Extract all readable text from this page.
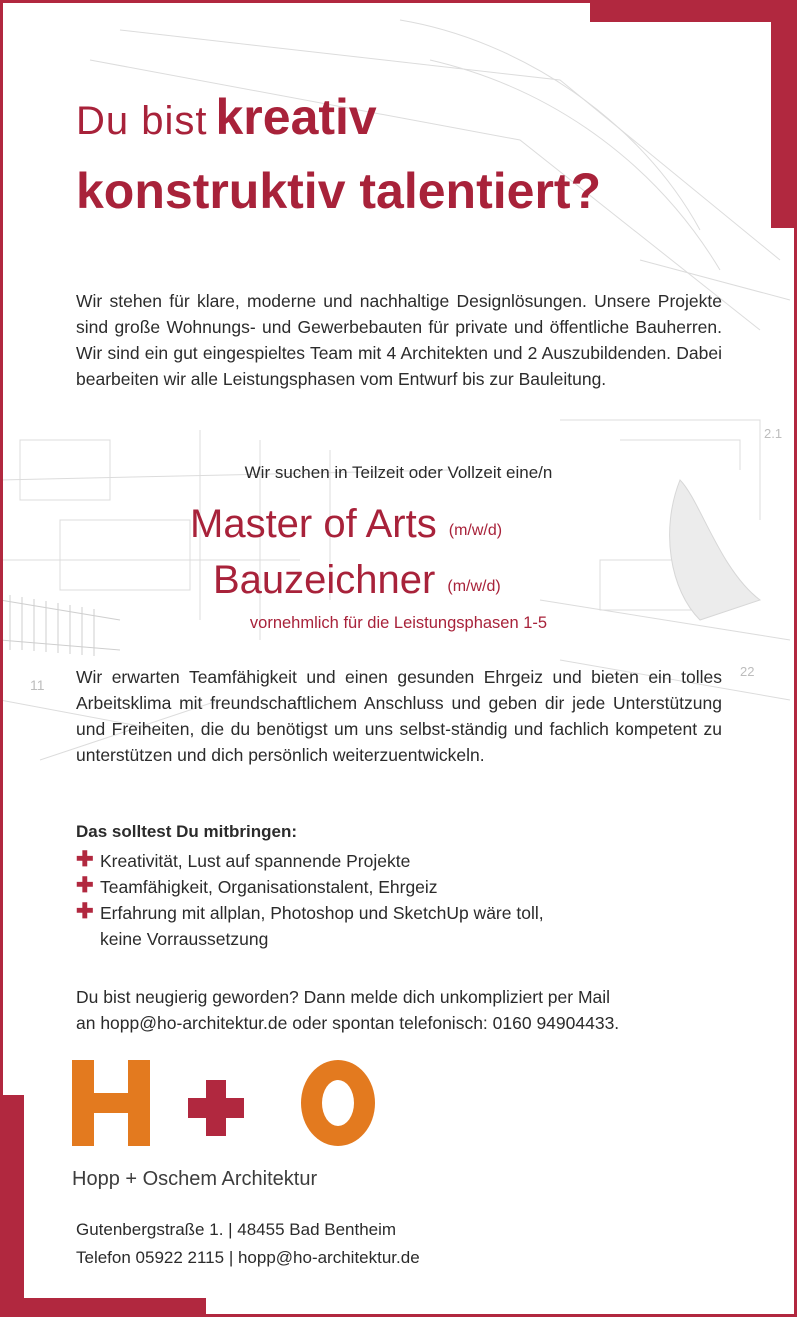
2.1
11
22
Du bist kreativ
konstruktiv talentiert?

Wir stehen für klare, moderne und nachhaltige Designlösungen. Unsere Projekte sind große Wohnungs- und Gewerbebauten für private und öffentliche Bauherren. Wir sind ein gut eingespieltes Team mit 4 Architekten und 2 Auszubildenden. Dabei bearbeiten wir alle Leistungsphasen vom Entwurf bis zur Bauleitung.

Wir suchen in Teilzeit oder Vollzeit eine/n
Master of Arts (m/w/d)
Bauzeichner (m/w/d)
vornehmlich für die Leistungsphasen 1-5

Wir erwarten Teamfähigkeit und einen gesunden Ehrgeiz und bieten ein tolles Arbeitsklima mit freundschaftlichem Anschluss und geben dir jede Unterstützung und Freiheiten, die du benötigst um uns selbst-ständig und fachlich kompetent zu unterstützen und dich persönlich weiterzuentwickeln.

Das solltest Du mitbringen:
✚ Kreativität, Lust auf spannende Projekte
✚ Teamfähigkeit, Organisationstalent, Ehrgeiz
✚ Erfahrung mit allplan, Photoshop und SketchUp wäre toll,
keine Vorraussetzung
Du bist neugierig geworden? Dann melde dich unkompliziert per Mail
an hopp@ho-architektur.de oder spontan telefonisch: 0160 94904433.
Hopp + Oschem Architektur
Gutenbergstraße 1. | 48455 Bad Bentheim
Telefon 05922 2115 | hopp@ho-architektur.de
